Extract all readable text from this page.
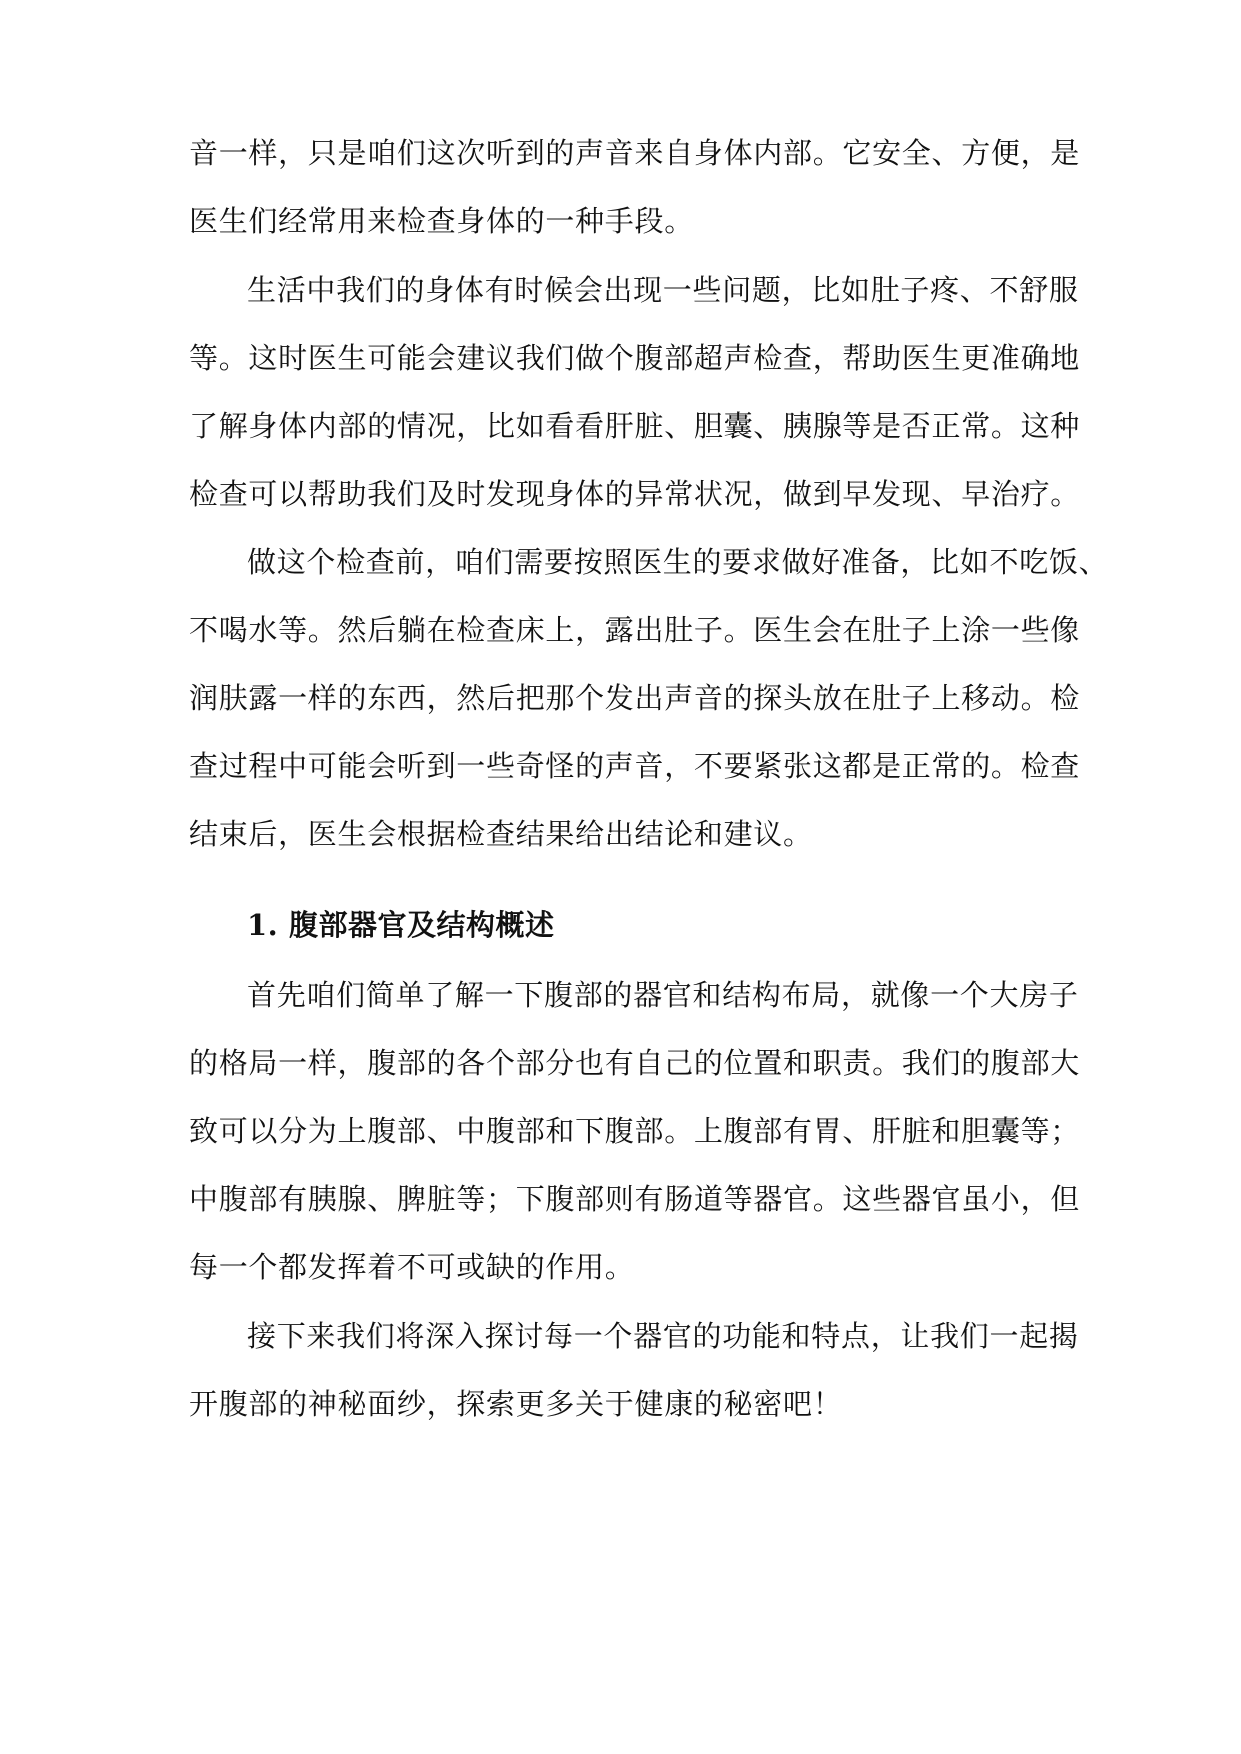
音一样，只是咱们这次听到的声音来自身体内部。它安全、方便，是
医生们经常用来检查身体的一种手段。
生活中我们的身体有时候会出现一些问题，比如肚子疼、不舒服
等。这时医生可能会建议我们做个腹部超声检查，帮助医生更准确地
了解身体内部的情况，比如看看肝脏、胆囊、胰腺等是否正常。这种
检查可以帮助我们及时发现身体的异常状况，做到早发现、早治疗。
做这个检查前，咱们需要按照医生的要求做好准备，比如不吃饭、
不喝水等。然后躺在检查床上，露出肚子。医生会在肚子上涂一些像
润肤露一样的东西，然后把那个发出声音的探头放在肚子上移动。检
查过程中可能会听到一些奇怪的声音，不要紧张这都是正常的。检查
结束后，医生会根据检查结果给出结论和建议。
1. 腹部器官及结构概述
首先咱们简单了解一下腹部的器官和结构布局，就像一个大房子
的格局一样，腹部的各个部分也有自己的位置和职责。我们的腹部大
致可以分为上腹部、中腹部和下腹部。上腹部有胃、肝脏和胆囊等；
中腹部有胰腺、脾脏等；下腹部则有肠道等器官。这些器官虽小，但
每一个都发挥着不可或缺的作用。
接下来我们将深入探讨每一个器官的功能和特点，让我们一起揭
开腹部的神秘面纱，探索更多关于健康的秘密吧！
